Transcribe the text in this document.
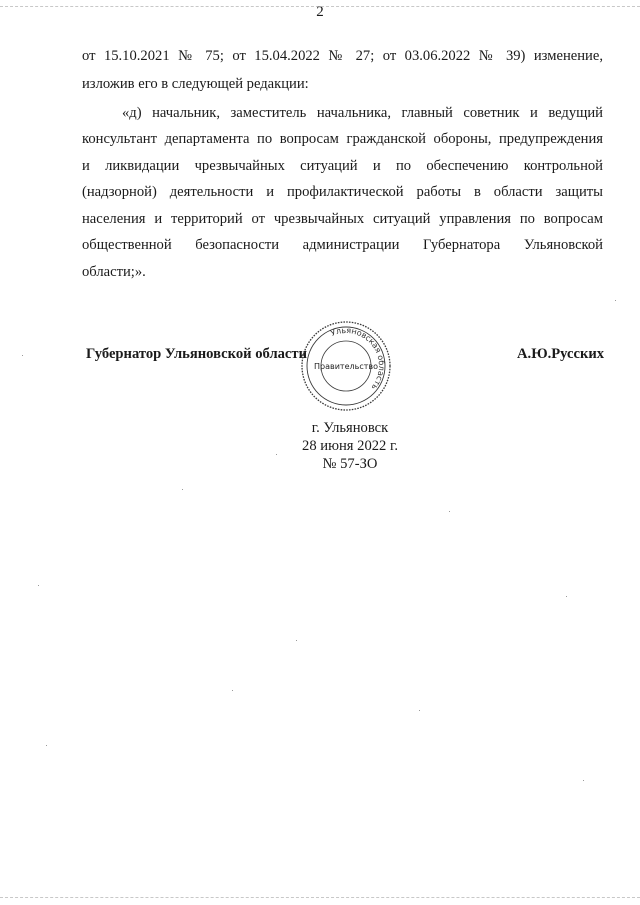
2
от 15.10.2021 № 75; от 15.04.2022 № 27; от 03.06.2022 № 39) изменение,
изложив его в следующей редакции:
«д) начальник, заместитель начальника, главный советник и ведущий
консультант департамента по вопросам гражданской обороны, предупреждения
и ликвидации чрезвычайных ситуаций и по обеспечению контрольной
(надзорной) деятельности и профилактической работы в области защиты
населения и территорий от чрезвычайных ситуаций управления по вопросам
общественной безопасности администрации Губернатора Ульяновской
области;».
Губернатор Ульяновской области	А.Ю.Русских
Ульяновская область
Правительство
г. Ульяновск
28 июня 2022 г.
№ 57-ЗО
